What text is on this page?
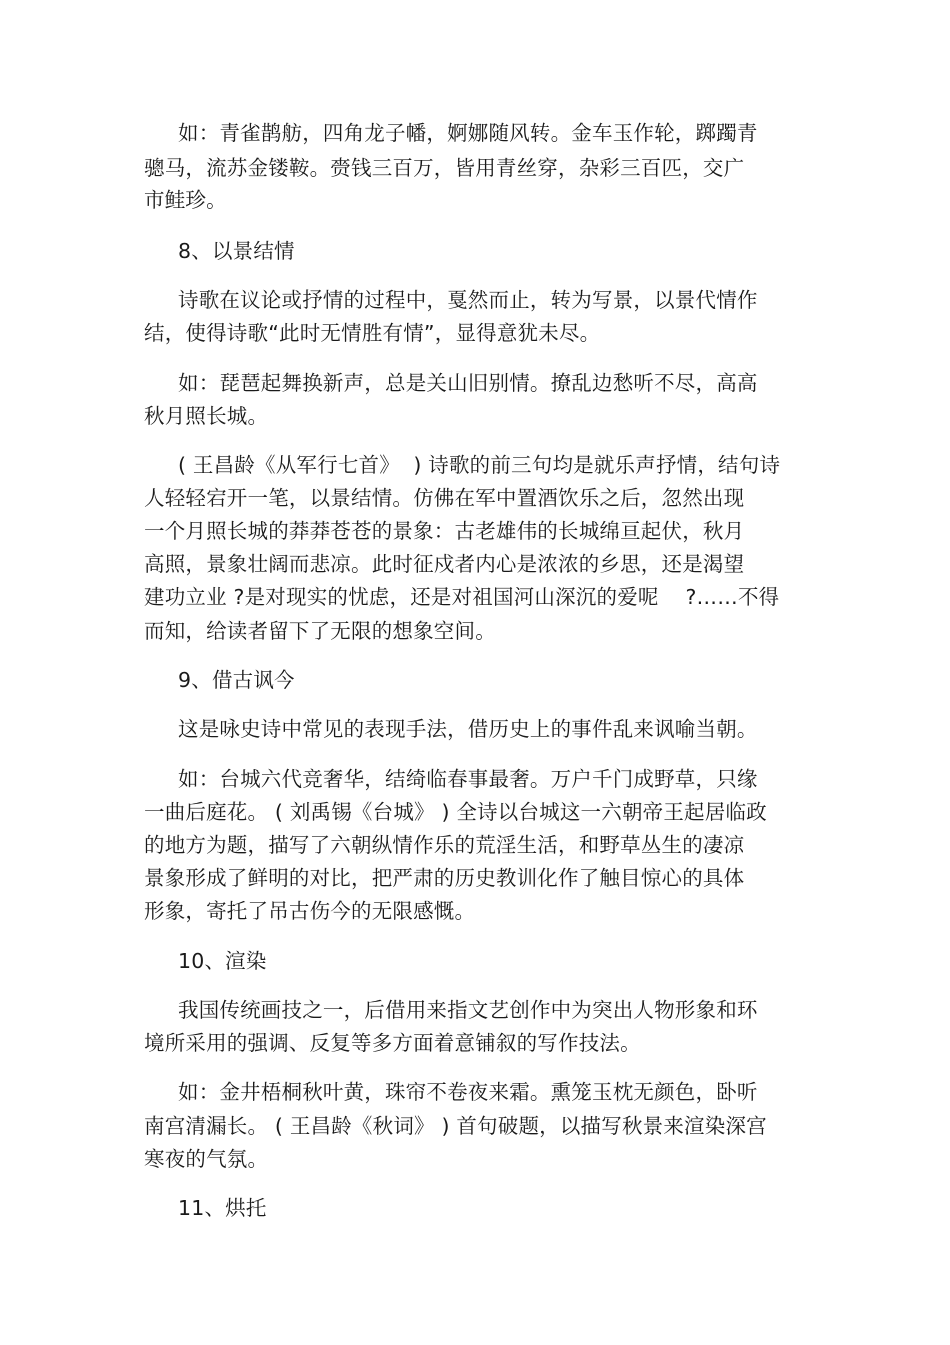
如：青雀鹊舫，四角龙子幡，婀娜随风转。金车玉作轮，踯躅青
骢马，流苏金镂鞍。赍钱三百万，皆用青丝穿，杂彩三百匹，交广
市鲑珍。
8、以景结情
诗歌在议论或抒情的过程中，戛然而止，转为写景，以景代情作
结，使得诗歌“此时无情胜有情”，显得意犹未尽。
如：琵琶起舞换新声，总是关山旧别情。撩乱边愁听不尽，高高
秋月照长城。
( 王昌龄《从军行七首》  ) 诗歌的前三句均是就乐声抒情，结句诗
人轻轻宕开一笔，以景结情。仿佛在军中置酒饮乐之后，忽然出现
一个月照长城的莽莽苍苍的景象：古老雄伟的长城绵亘起伏，秋月
高照，景象壮阔而悲凉。此时征戍者内心是浓浓的乡思，还是渴望
建功立业 ?是对现实的忧虑，还是对祖国河山深沉的爱呢    ?……不得
而知，给读者留下了无限的想象空间。
9、借古讽今
这是咏史诗中常见的表现手法，借历史上的事件乱来讽喻当朝。
如：台城六代竞奢华，结绮临春事最奢。万户千门成野草，只缘
一曲后庭花。 ( 刘禹锡《台城》 ) 全诗以台城这一六朝帝王起居临政
的地方为题，描写了六朝纵情作乐的荒淫生活，和野草丛生的凄凉
景象形成了鲜明的对比，把严肃的历史教训化作了触目惊心的具体
形象，寄托了吊古伤今的无限感慨。
10、渲染
我国传统画技之一，后借用来指文艺创作中为突出人物形象和环
境所采用的强调、反复等多方面着意铺叙的写作技法。
如：金井梧桐秋叶黄，珠帘不卷夜来霜。熏笼玉枕无颜色，卧听
南宫清漏长。 ( 王昌龄《秋词》 ) 首句破题，以描写秋景来渲染深宫
寒夜的气氛。
11、烘托
